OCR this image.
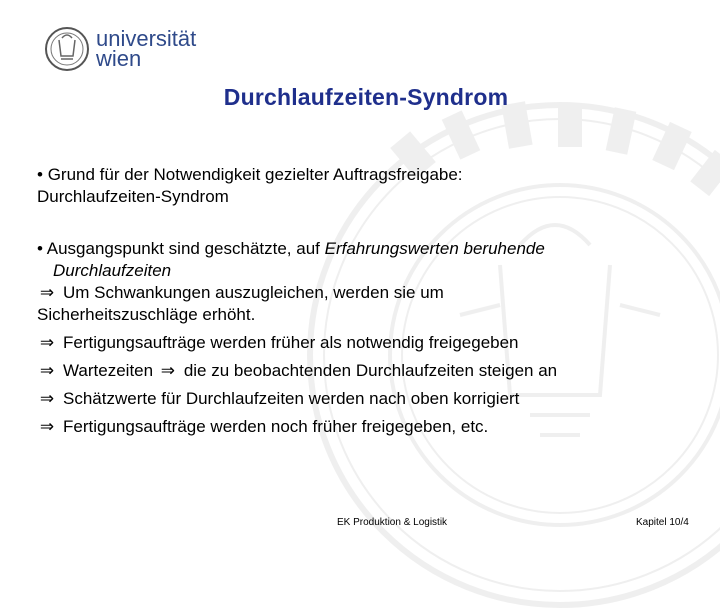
universität
wien
Durchlaufzeiten-Syndrom
• Grund für der Notwendigkeit gezielter Auftragsfreigabe:
Durchlaufzeiten-Syndrom
• Ausgangspunkt sind geschätzte, auf Erfahrungswerten beruhende
Durchlaufzeiten
⇒ Um Schwankungen auszugleichen, werden sie um
Sicherheitszuschläge erhöht.
⇒ Fertigungsaufträge werden früher als notwendig freigegeben
⇒ Wartezeiten ⇒ die zu beobachtenden Durchlaufzeiten steigen an
⇒ Schätzwerte für Durchlaufzeiten werden nach oben korrigiert
⇒ Fertigungsaufträge werden noch früher freigegeben, etc.
EK Produktion & Logistik	Kapitel 10/4
